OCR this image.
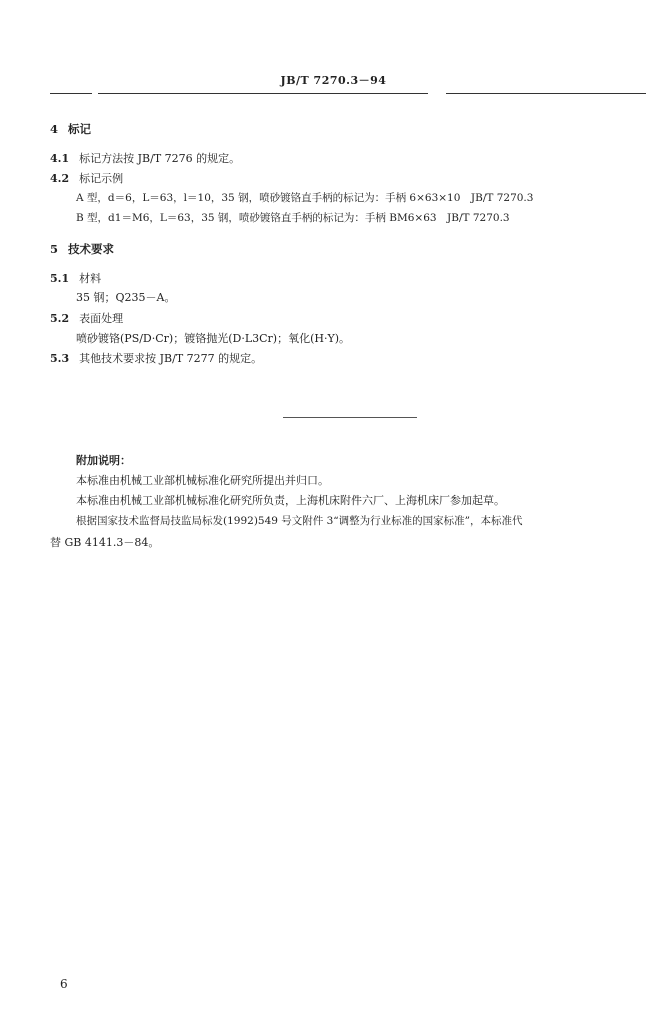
JB/T 7270.3－94
4 标记
4.1 标记方法按 JB/T 7276 的规定。
4.2 标记示例
A 型，d＝6，L＝63，l＝10，35 钢，喷砂镀铬直手柄的标记为：手柄 6×63×10　JB/T 7270.3
B 型，d1＝M6，L＝63，35 钢，喷砂镀铬直手柄的标记为：手柄 BM6×63　JB/T 7270.3
5 技术要求
5.1 材料
35 钢；Q235－A。
5.2 表面处理
喷砂镀铬(PS/D·Cr)；镀铬抛光(D·L3Cr)；氧化(H·Y)。
5.3 其他技术要求按 JB/T 7277 的规定。
附加说明：
本标准由机械工业部机械标准化研究所提出并归口。
本标准由机械工业部机械标准化研究所负责，上海机床附件六厂、上海机床厂参加起草。
根据国家技术监督局技监局标发(1992)549 号文附件 3“调整为行业标准的国家标准”，本标准代
替 GB 4141.3－84。
6
